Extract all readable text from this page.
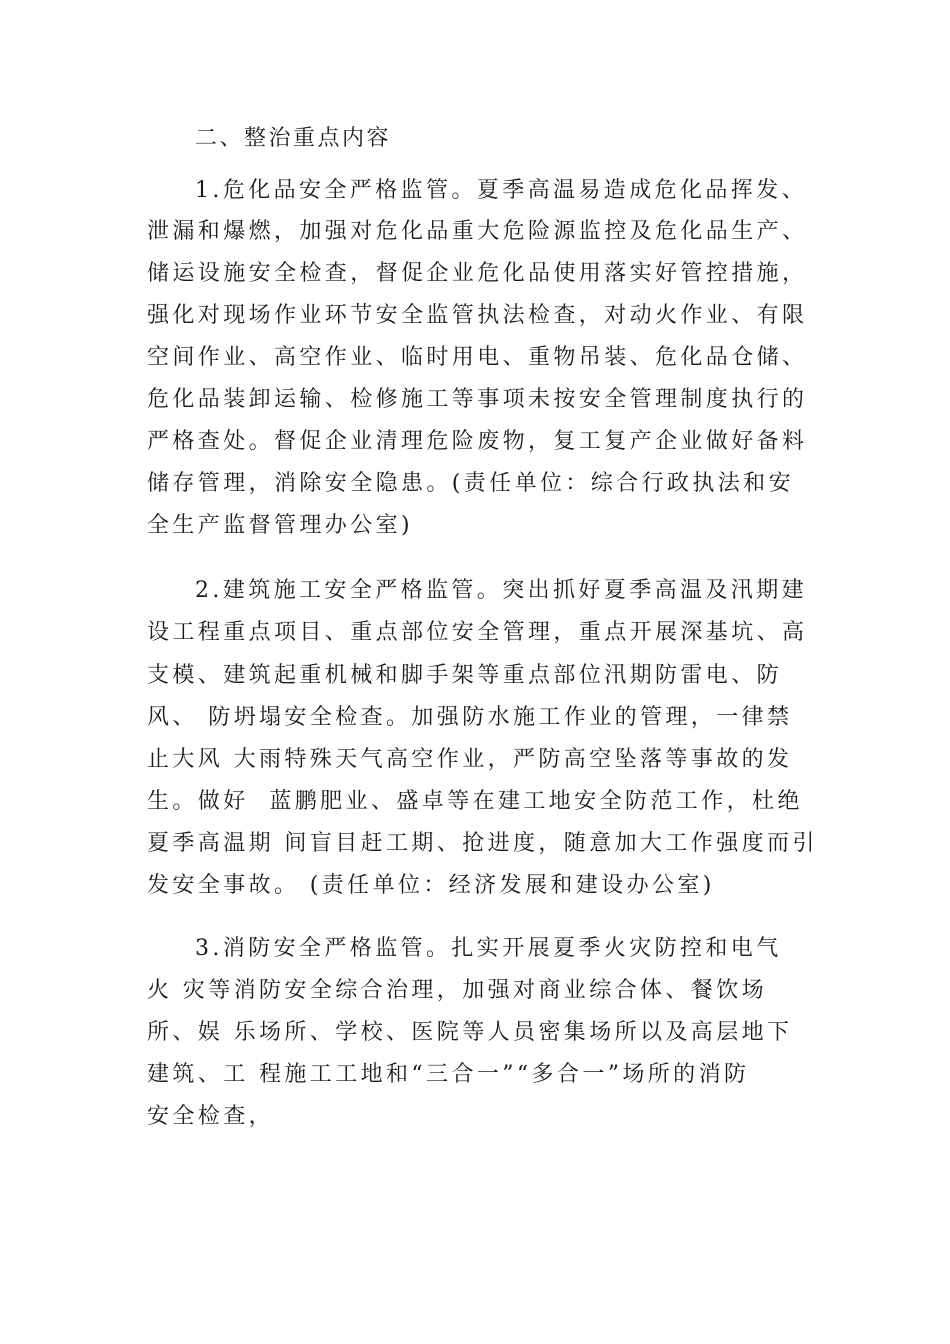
二、整治重点内容
1.危化品安全严格监管。夏季高温易造成危化品挥发、
泄漏和爆燃，加强对危化品重大危险源监控及危化品生产、
储运设施安全检查，督促企业危化品使用落实好管控措施，
强化对现场作业环节安全监管执法检查，对动火作业、有限
空间作业、高空作业、临时用电、重物吊装、危化品仓储、
危化品装卸运输、检修施工等事项未按安全管理制度执行的
严格查处。督促企业清理危险废物，复工复产企业做好备料
储存管理，消除安全隐患。(责任单位：综合行政执法和安
全生产监督管理办公室)
2.建筑施工安全严格监管。突出抓好夏季高温及汛期建
设工程重点项目、重点部位安全管理，重点开展深基坑、高
支模、建筑起重机械和脚手架等重点部位汛期防雷电、防
风、 防坍塌安全检查。加强防水施工作业的管理，一律禁
止大风 大雨特殊天气高空作业，严防高空坠落等事故的发
生。做好  蓝鹏肥业、盛卓等在建工地安全防范工作，杜绝
夏季高温期 间盲目赶工期、抢进度，随意加大工作强度而引
发安全事故。 (责任单位：经济发展和建设办公室)
3.消防安全严格监管。扎实开展夏季火灾防控和电气
火 灾等消防安全综合治理，加强对商业综合体、餐饮场
所、娱 乐场所、学校、医院等人员密集场所以及高层地下
建筑、工 程施工工地和“三合一”“多合一”场所的消防
安全检查，
